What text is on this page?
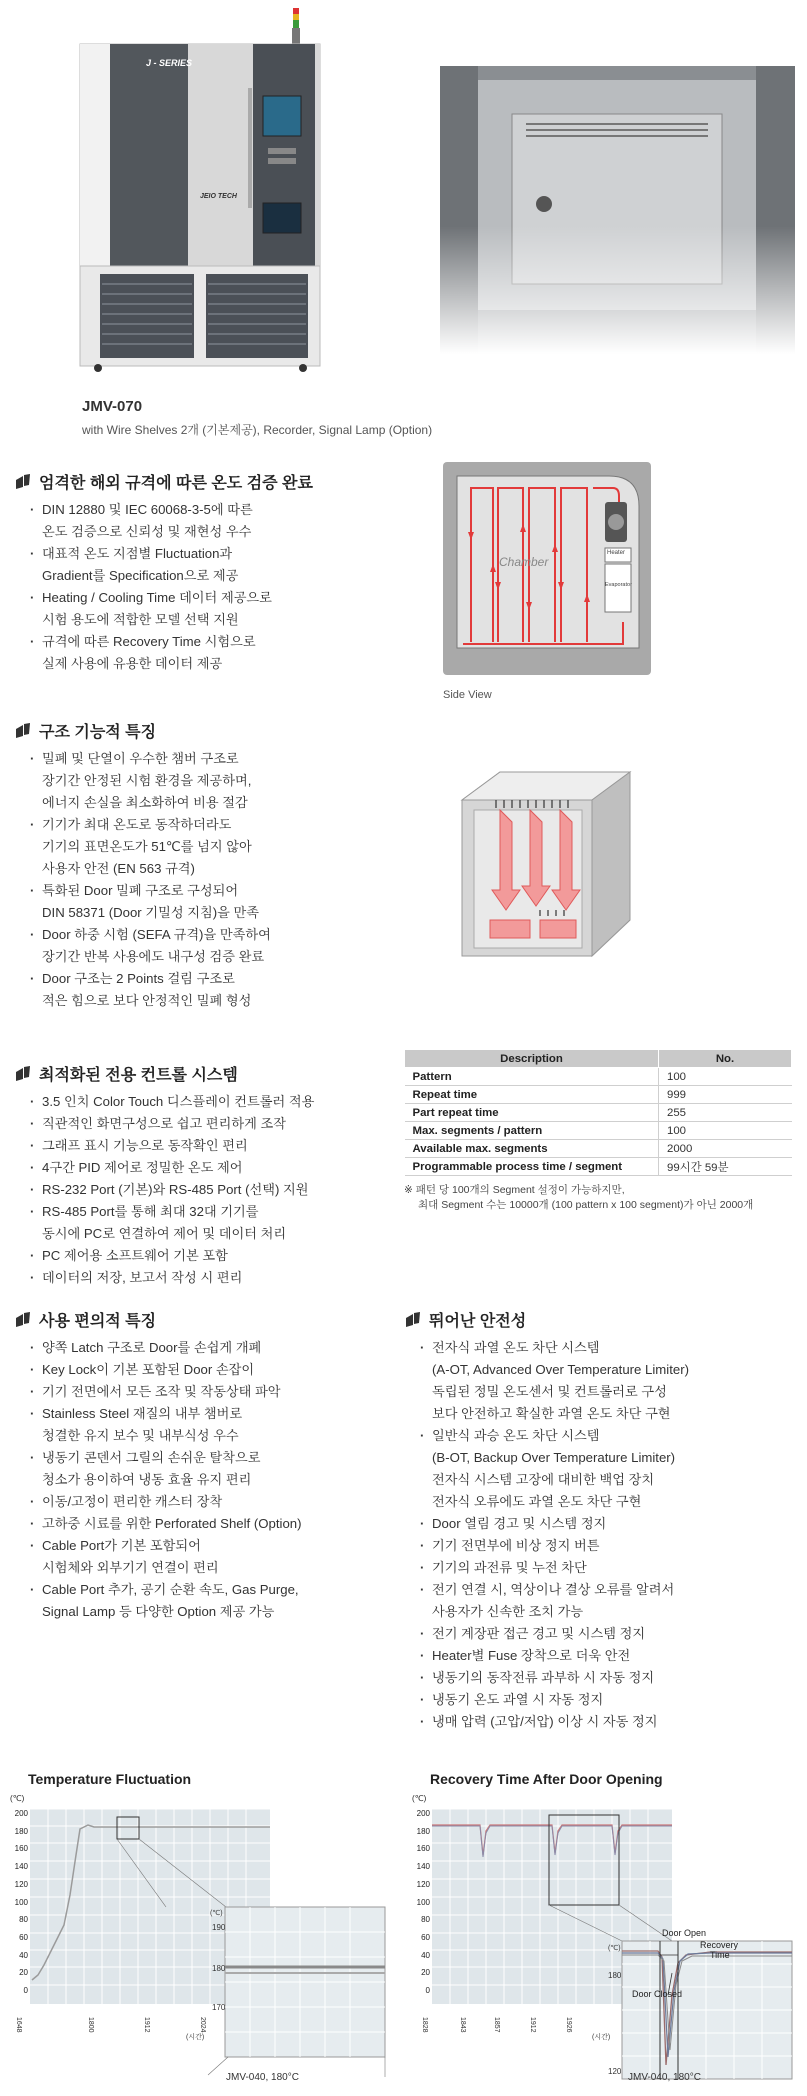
J - SERIES
JEIO TECH
JMV-070
with Wire Shelves 2개 (기본제공), Recorder, Signal Lamp (Option)
엄격한 해외 규격에 따른 온도 검증 완료
· DIN 12880 및 IEC 60068-3-5에 따른
온도 검증으로 신뢰성 및 재현성 우수
· 대표적 온도 지점별 Fluctuation과
Gradient를 Specification으로 제공
· Heating / Cooling Time 데이터 제공으로
시험 용도에 적합한 모델 선택 지원
· 규격에 따른 Recovery Time 시험으로
실제 사용에 유용한 데이터 제공
Chamber
Heater
Evaporator
Side View
구조 기능적 특징
· 밀폐 및 단열이 우수한 챔버 구조로
장기간 안정된 시험 환경을 제공하며,
에너지 손실을 최소화하여 비용 절감
· 기기가 최대 온도로 동작하더라도
기기의 표면온도가 51℃를 넘지 않아
사용자 안전 (EN 563 규격)
· 특화된 Door 밀폐 구조로 구성되어
DIN 58371 (Door 기밀성 지침)을 만족
· Door 하중 시험 (SEFA 규격)을 만족하여
장기간 반복 사용에도 내구성 검증 완료
· Door 구조는 2 Points 걸림 구조로
적은 힘으로 보다 안정적인 밀폐 형성
최적화된 전용 컨트롤 시스템
· 3.5 인치 Color Touch 디스플레이 컨트롤러 적용
· 직관적인 화면구성으로 쉽고 편리하게 조작
· 그래프 표시 기능으로 동작확인 편리
· 4구간 PID 제어로 정밀한 온도 제어
· RS-232 Port (기본)와 RS-485 Port (선택) 지원
· RS-485 Port를 통해 최대 32대 기기를
동시에 PC로 연결하여 제어 및 데이터 처리
· PC 제어용 소프트웨어 기본 포함
· 데이터의 저장, 보고서 작성 시 편리
Description	No.
Pattern	100
Repeat time	999
Part repeat time	255
Max. segments / pattern	100
Available max. segments	2000
Programmable process time / segment	99시간 59분
※ 패턴 당 100개의 Segment 설정이 가능하지만,
최대 Segment 수는 10000개 (100 pattern x 100 segment)가 아닌 2000개
사용 편의적 특징
· 양쪽 Latch 구조로 Door를 손쉽게 개폐
· Key Lock이 기본 포함된 Door 손잡이
· 기기 전면에서 모든 조작 및 작동상태 파악
· Stainless Steel 재질의 내부 챔버로
청결한 유지 보수 및 내부식성 우수
· 냉동기 콘덴서 그릴의 손쉬운 탈착으로
청소가 용이하여 냉동 효율 유지 편리
· 이동/고정이 편리한 캐스터 장착
· 고하중 시료를 위한 Perforated Shelf (Option)
· Cable Port가 기본 포함되어
시험체와 외부기기 연결이 편리
· Cable Port 추가, 공기 순환 속도, Gas Purge,
Signal Lamp 등 다양한 Option 제공 가능
뛰어난 안전성
· 전자식 과열 온도 차단 시스템
(A-OT, Advanced Over Temperature Limiter)
독립된 정밀 온도센서 및 컨트롤러로 구성
보다 안전하고 확실한 과열 온도 차단 구현
· 일반식 과승 온도 차단 시스템
(B-OT, Backup Over Temperature Limiter)
전자식 시스템 고장에 대비한 백업 장치
전자식 오류에도 과열 온도 차단 구현
· Door 열림 경고 및 시스템 정지
· 기기 전면부에 비상 정지 버튼
· 기기의 과전류 및 누전 차단
· 전기 연결 시, 역상이나 결상 오류를 알려서
사용자가 신속한 조치 가능
· 전기 계장판 접근 경고 및 시스템 정지
· Heater별 Fuse 장착으로 더욱 안전
· 냉동기의 동작전류 과부하 시 자동 정지
· 냉동기 온도 과열 시 자동 정지
· 냉매 압력 (고압/저압) 이상 시 자동 정지
Temperature Fluctuation
(℃)
200
180
160
140
120
100
80
60
40
20
0
1648	1800	1912	2024
(℃)
190
180
170
JMV-040, 180°C
Recovery Time After Door Opening
(℃)
200
180
160
140
120
100
80
60
40
20
0
1828	1843	1857	1912	1926
(시간)
(℃)
180
120
Door Open
Recovery
Time
Door Closed
JMV-040, 180°C
(시간)
